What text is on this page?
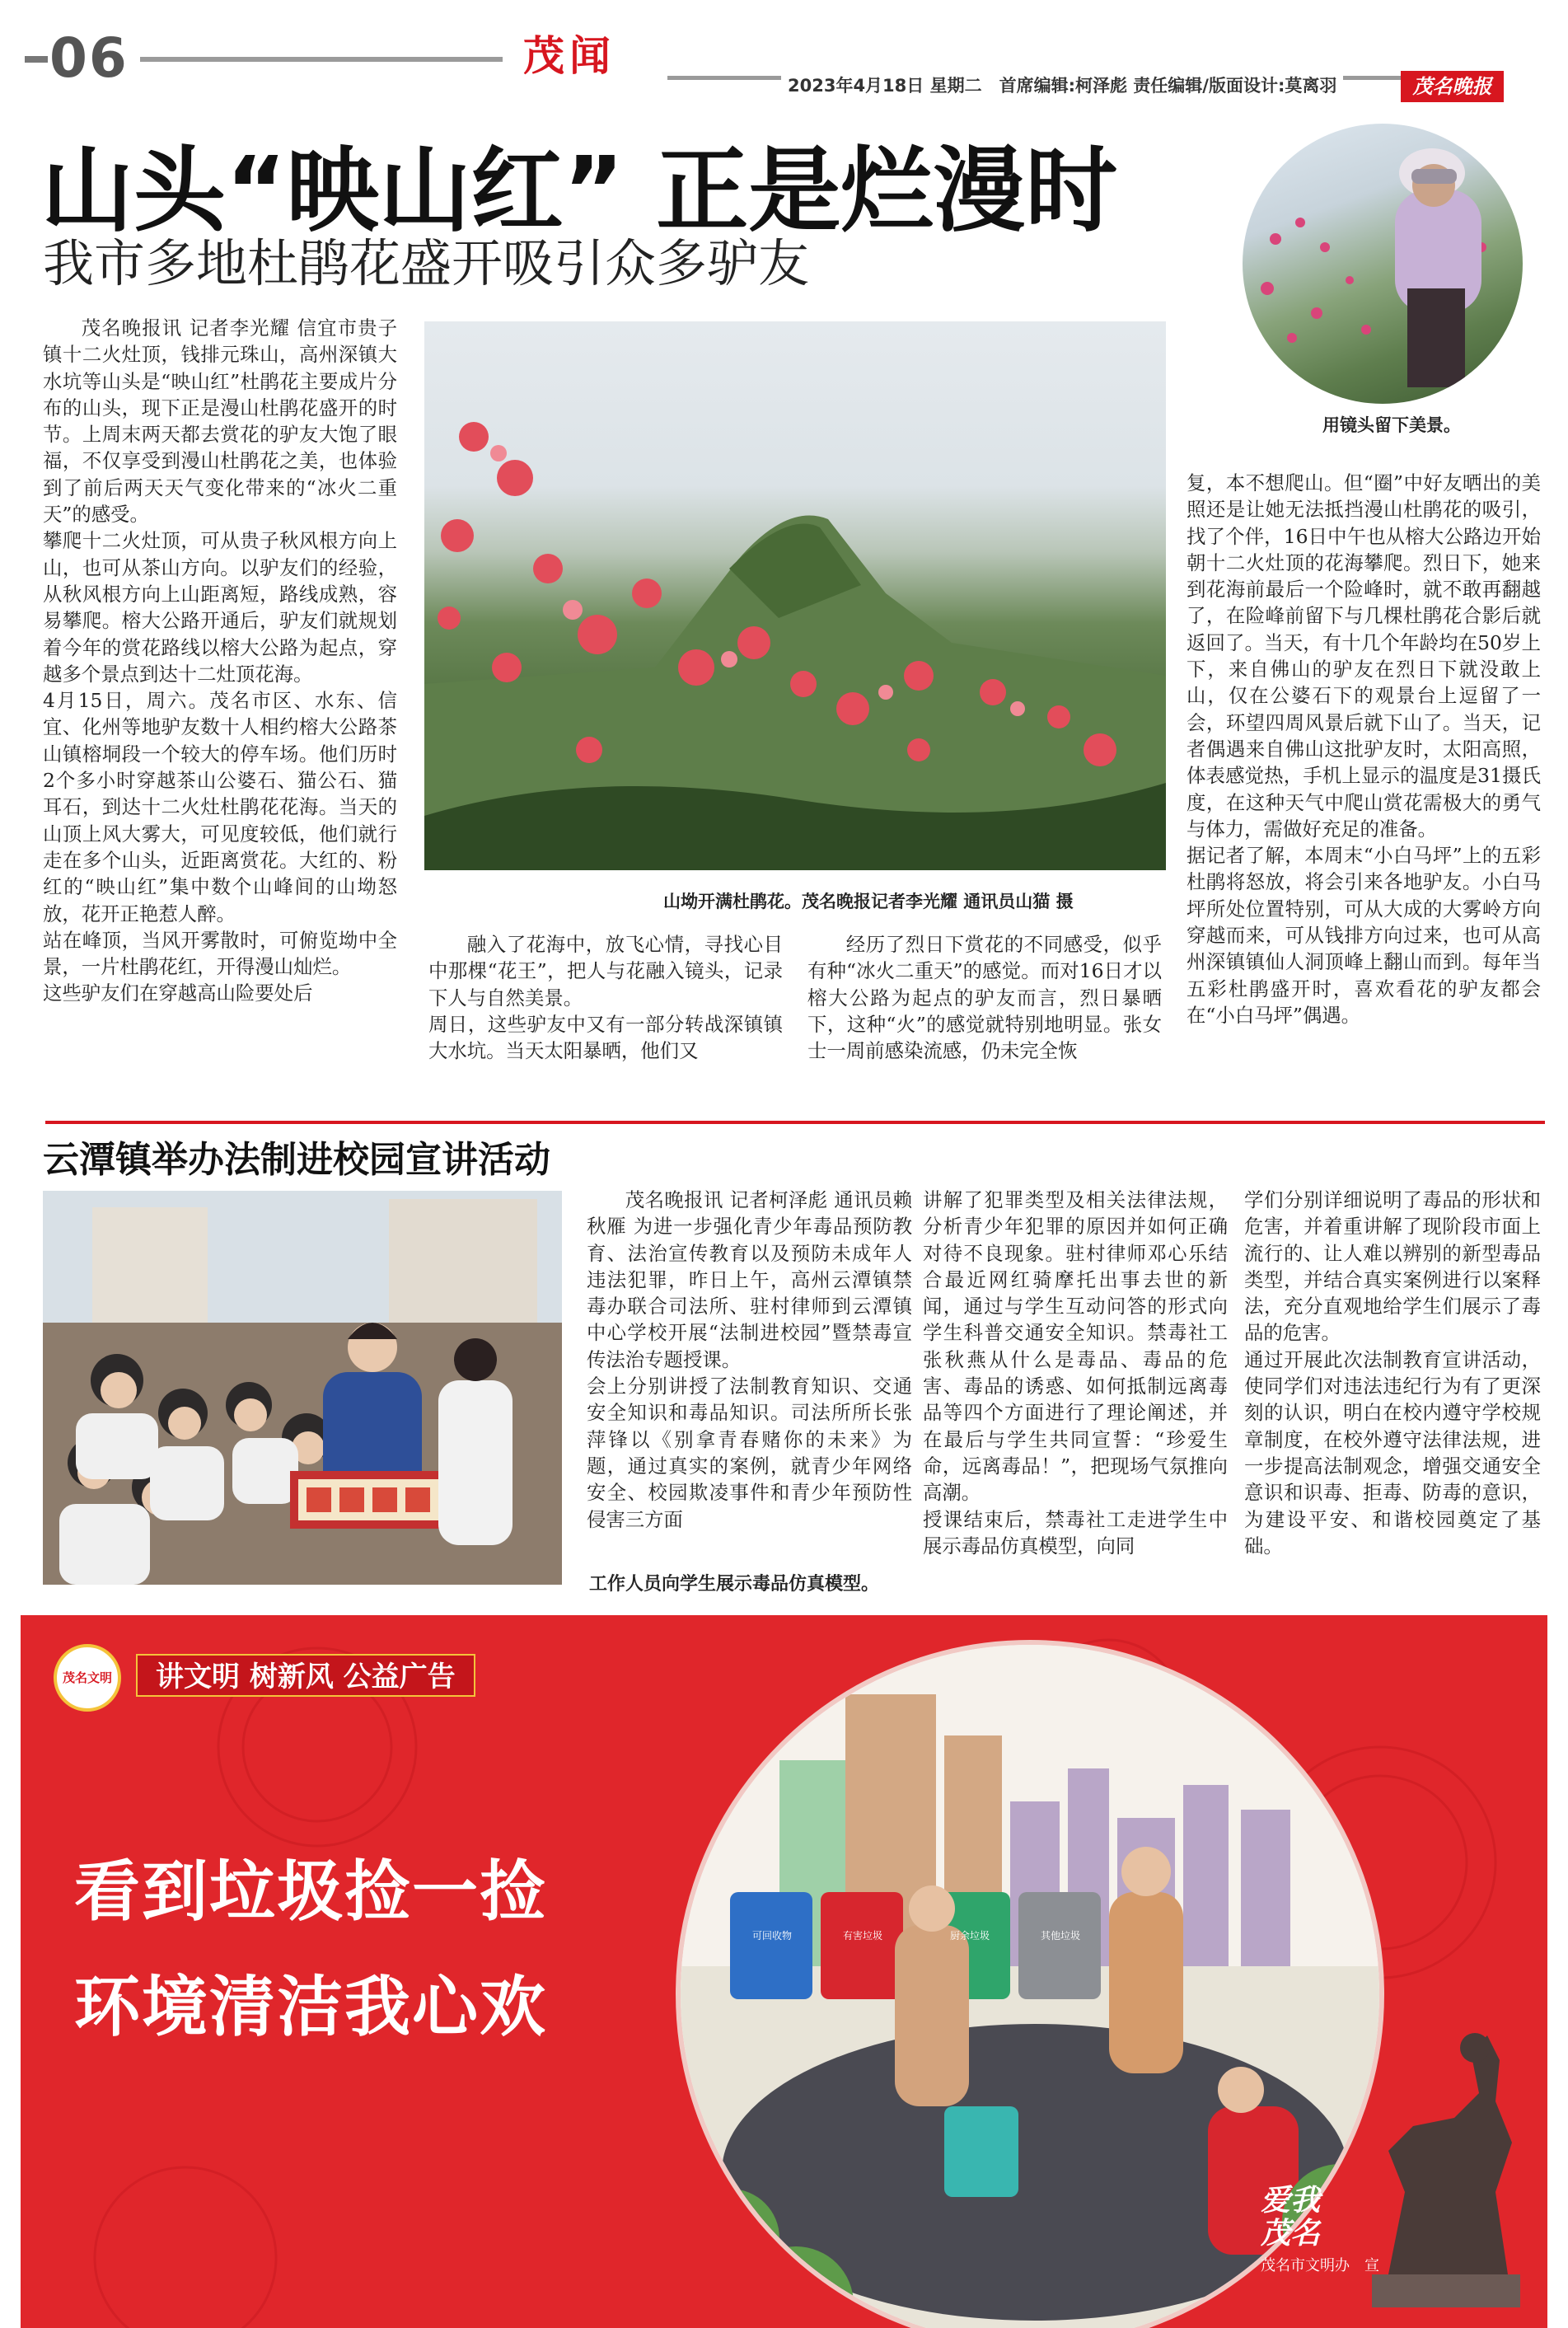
06	茂闻
2023年4月18日 星期二　首席编辑:柯泽彪 责任编辑/版面设计:莫离羽	茂名晚报
山头“映山红” 正是烂漫时
我市多地杜鹃花盛开吸引众多驴友
用镜头留下美景。
茂名晚报讯 记者李光耀 信宜市贵子镇十二火灶顶，钱排元珠山，高州深镇大水坑等山头是“映山红”杜鹃花主要成片分布的山头，现下正是漫山杜鹃花盛开的时节。上周末两天都去赏花的驴友大饱了眼福，不仅享受到漫山杜鹃花之美，也体验到了前后两天天气变化带来的“冰火二重天”的感受。
攀爬十二火灶顶，可从贵子秋风根方向上山，也可从茶山方向。以驴友们的经验，从秋风根方向上山距离短，路线成熟，容易攀爬。榕大公路开通后，驴友们就规划着今年的赏花路线以榕大公路为起点，穿越多个景点到达十二灶顶花海。
4月15日，周六。茂名市区、水东、信宜、化州等地驴友数十人相约榕大公路茶山镇榕垌段一个较大的停车场。他们历时2个多小时穿越茶山公婆石、猫公石、猫耳石，到达十二火灶杜鹃花花海。当天的山顶上风大雾大，可见度较低，他们就行走在多个山头，近距离赏花。大红的、粉红的“映山红”集中数个山峰间的山坳怒放，花开正艳惹人醉。
站在峰顶，当风开雾散时，可俯览坳中全景，一片杜鹃花红，开得漫山灿烂。
这些驴友们在穿越高山险要处后
山坳开满杜鹃花。茂名晚报记者李光耀 通讯员山猫 摄
融入了花海中，放飞心情，寻找心目中那棵“花王”，把人与花融入镜头，记录下人与自然美景。
周日，这些驴友中又有一部分转战深镇镇大水坑。当天太阳暴晒，他们又
经历了烈日下赏花的不同感受，似乎有种“冰火二重天”的感觉。而对16日才以榕大公路为起点的驴友而言，烈日暴晒下，这种“火”的感觉就特别地明显。张女士一周前感染流感，仍未完全恢
复，本不想爬山。但“圈”中好友晒出的美照还是让她无法抵挡漫山杜鹃花的吸引，找了个伴，16日中午也从榕大公路边开始朝十二火灶顶的花海攀爬。烈日下，她来到花海前最后一个险峰时，就不敢再翻越了，在险峰前留下与几棵杜鹃花合影后就返回了。当天，有十几个年龄均在50岁上下，来自佛山的驴友在烈日下就没敢上山，仅在公婆石下的观景台上逗留了一会，环望四周风景后就下山了。当天，记者偶遇来自佛山这批驴友时，太阳高照，体表感觉热，手机上显示的温度是31摄氏度，在这种天气中爬山赏花需极大的勇气与体力，需做好充足的准备。
据记者了解，本周末“小白马坪”上的五彩杜鹃将怒放，将会引来各地驴友。小白马坪所处位置特别，可从大成的大雾岭方向穿越而来，可从钱排方向过来，也可从高州深镇镇仙人洞顶峰上翻山而到。每年当五彩杜鹃盛开时，喜欢看花的驴友都会在“小白马坪”偶遇。
云潭镇举办法制进校园宣讲活动
工作人员向学生展示毒品仿真模型。
茂名晚报讯 记者柯泽彪 通讯员赖秋雁 为进一步强化青少年毒品预防教育、法治宣传教育以及预防未成年人违法犯罪，昨日上午，高州云潭镇禁毒办联合司法所、驻村律师到云潭镇中心学校开展“法制进校园”暨禁毒宣传法治专题授课。
会上分别讲授了法制教育知识、交通安全知识和毒品知识。司法所所长张萍锋以《别拿青春赌你的未来》为题，通过真实的案例，就青少年网络安全、校园欺凌事件和青少年预防性侵害三方面
讲解了犯罪类型及相关法律法规，分析青少年犯罪的原因并如何正确对待不良现象。驻村律师邓心乐结合最近网红骑摩托出事去世的新闻，通过与学生互动问答的形式向学生科普交通安全知识。禁毒社工张秋燕从什么是毒品、毒品的危害、毒品的诱惑、如何抵制远离毒品等四个方面进行了理论阐述，并在最后与学生共同宣誓：“珍爱生命，远离毒品！”，把现场气氛推向高潮。
授课结束后，禁毒社工走进学生中展示毒品仿真模型，向同
学们分别详细说明了毒品的形状和危害，并着重讲解了现阶段市面上流行的、让人难以辨别的新型毒品类型，并结合真实案例进行以案释法，充分直观地给学生们展示了毒品的危害。
通过开展此次法制教育宣讲活动，使同学们对违法违纪行为有了更深刻的认识，明白在校内遵守学校规章制度，在校外遵守法律法规，进一步提高法制观念，增强交通安全意识和识毒、拒毒、防毒的意识，为建设平安、和谐校园奠定了基础。
茂名文明	讲文明 树新风 公益广告
看到垃圾捡一捡
环境清洁我心欢
可回收物	有害垃圾	厨余垃圾	其他垃圾
爱我
茂名
茂名市文明办　宣
